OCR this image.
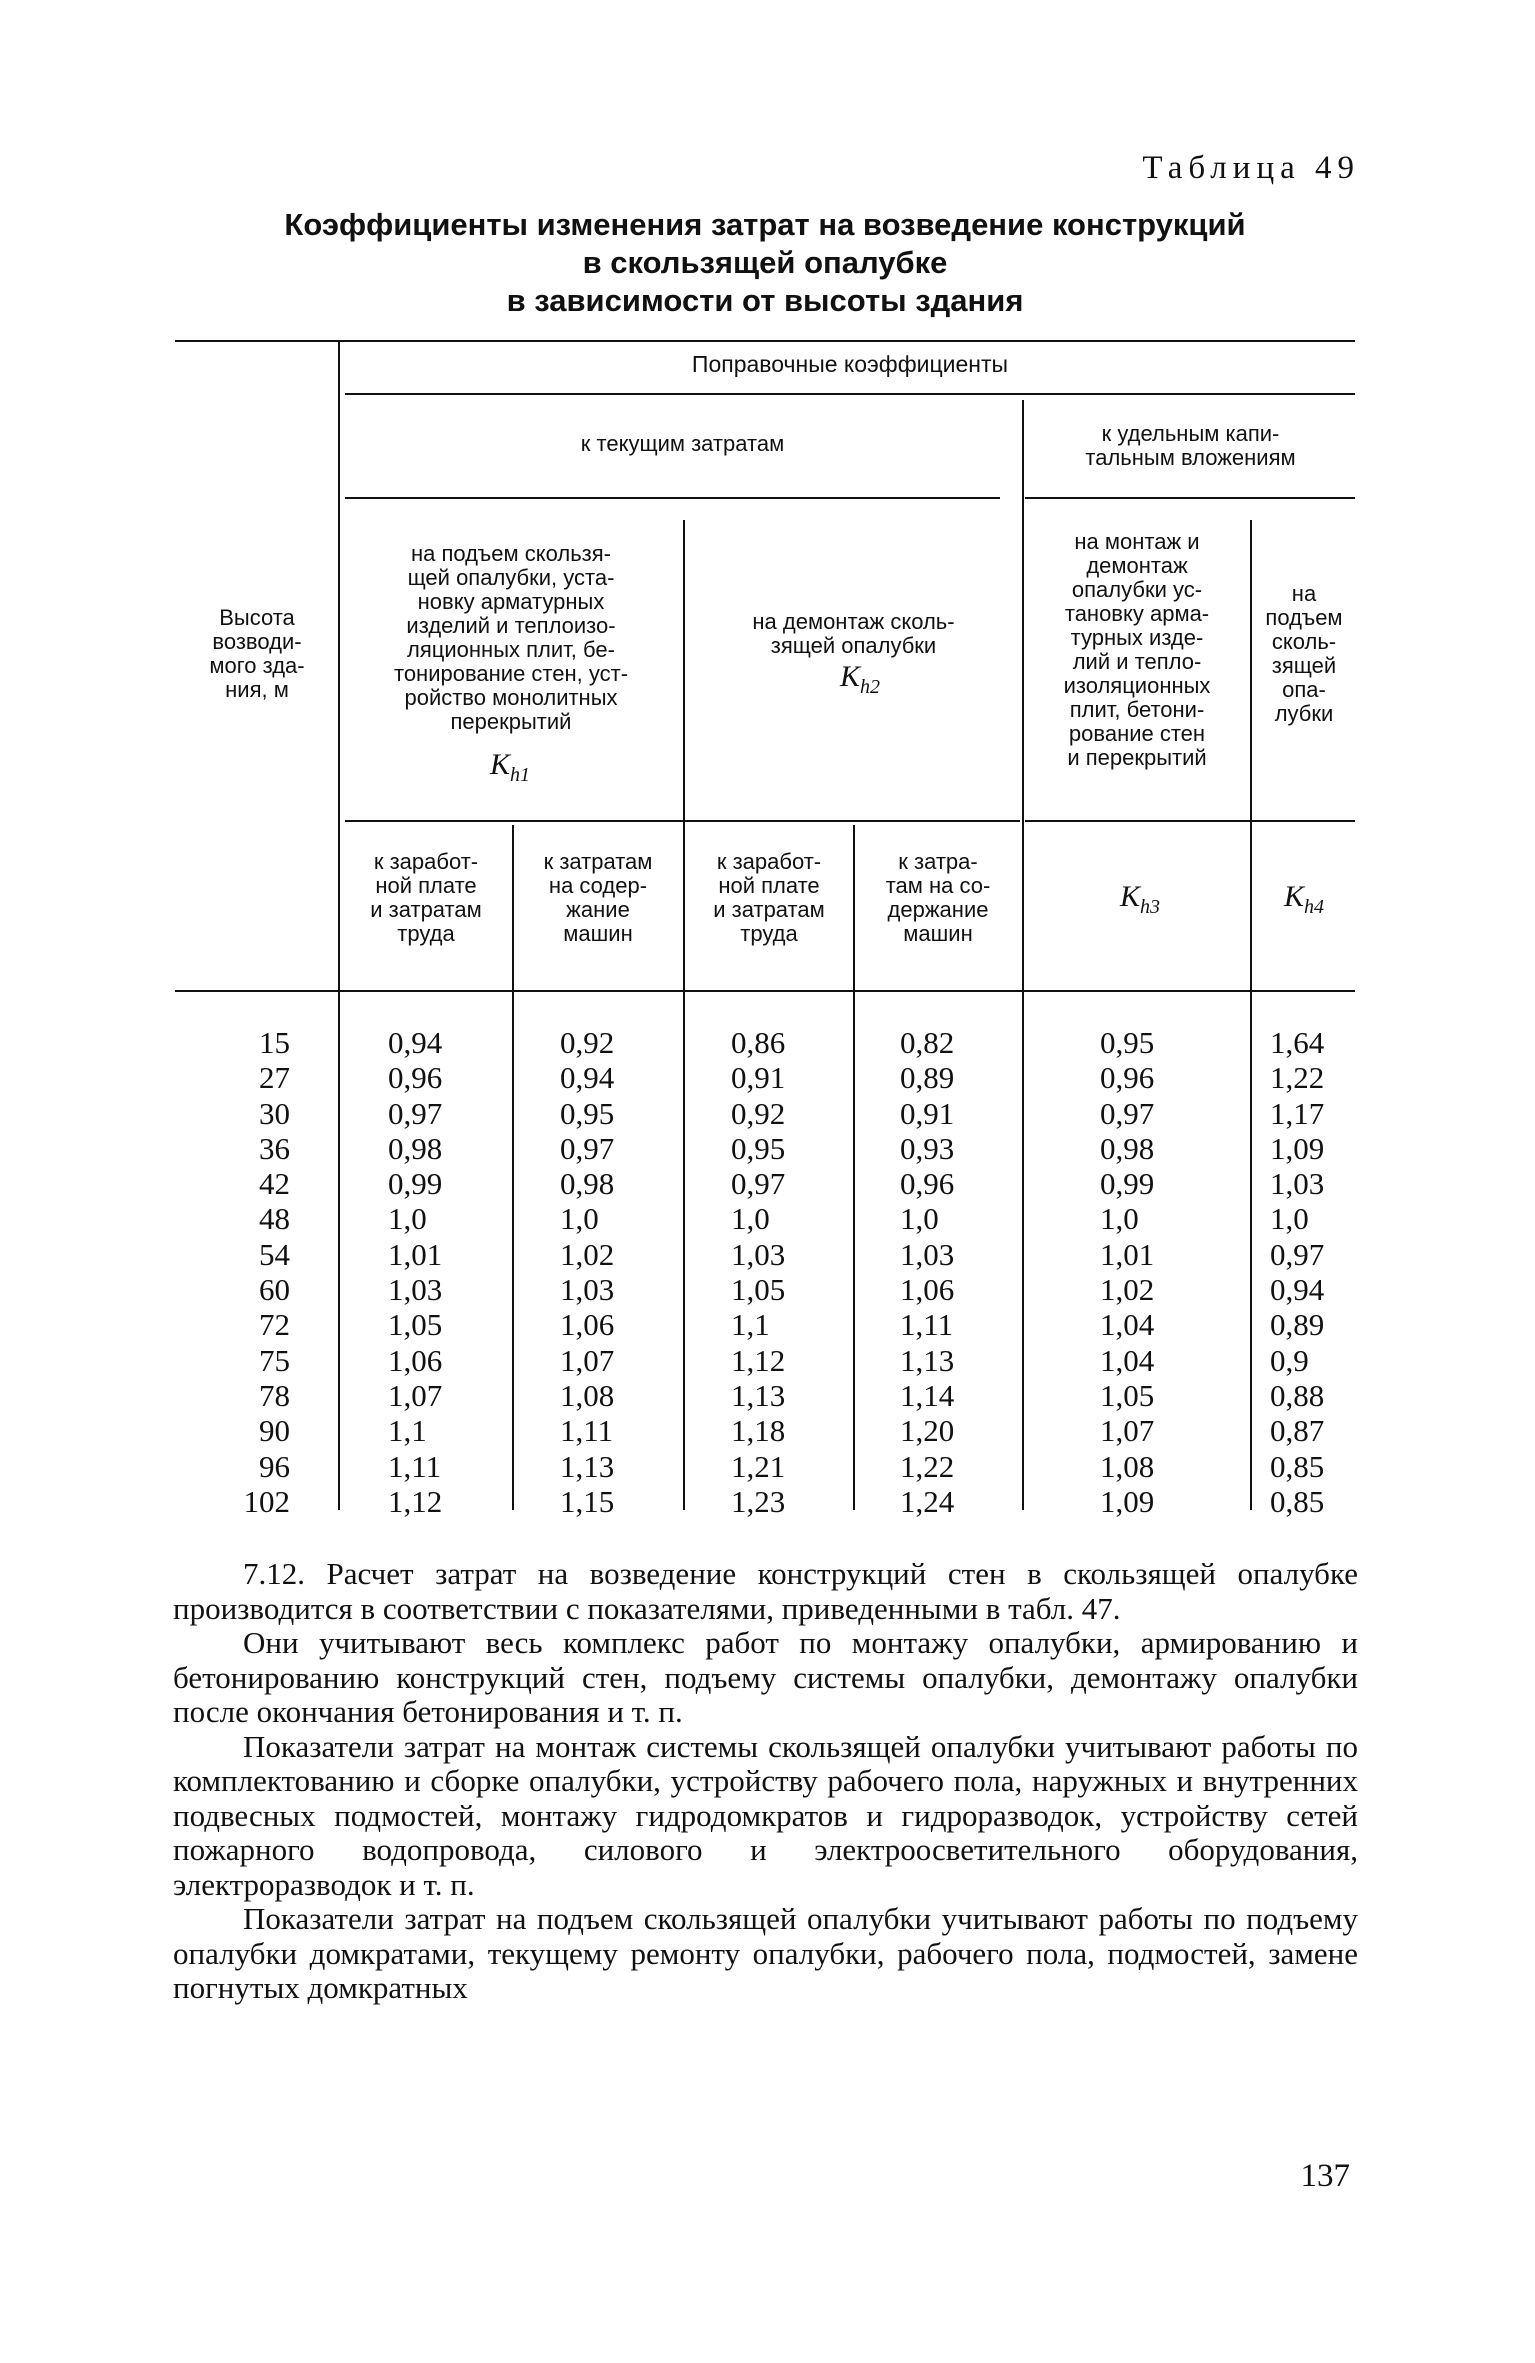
Таблица 49
Коэффициенты изменения затрат на возведение конструкций
в скользящей опалубке
в зависимости от высоты здания
Высота
возводи-
мого зда-
ния, м
Поправочные коэффициенты
к текущим затратам	к удельным капи-
тальным вложениям
на подъем скользя-
щей опалубки, уста-
новку арматурных
изделий и теплоизо-
ляционных плит, бе-
тонирование стен, уст-
ройство монолитных
перекрытий
$K_{h1}$
на демонтаж сколь-
зящей опалубки
$K_{h2}$
на монтаж и
демонтаж
опалубки ус-
тановку арма-
турных изде-
лий и тепло-
изоляционных
плит, бетони-
рование стен
и перекрытий
на
подъем
сколь-
зящей
опа-
лубки
к заработ-
ной плате
и затратам
труда
к затратам
на содер-
жание
машин
к заработ-
ной плате
и затратам
труда
к затра-
там на со-
держание
машин
$K_{h3}$	$K_{h4}$
15
27
30
36
42
48
54
60
72
75
78
90
96
102
0,94
0,96
0,97
0,98
0,99
1,0
1,01
1,03
1,05
1,06
1,07
1,1
1,11
1,12
0,92
0,94
0,95
0,97
0,98
1,0
1,02
1,03
1,06
1,07
1,08
1,11
1,13
1,15
0,86
0,91
0,92
0,95
0,97
1,0
1,03
1,05
1,1
1,12
1,13
1,18
1,21
1,23
0,82
0,89
0,91
0,93
0,96
1,0
1,03
1,06
1,11
1,13
1,14
1,20
1,22
1,24
0,95
0,96
0,97
0,98
0,99
1,0
1,01
1,02
1,04
1,04
1,05
1,07
1,08
1,09
1,64
1,22
1,17
1,09
1,03
1,0
0,97
0,94
0,89
0,9
0,88
0,87
0,85
0,85

7.12. Расчет затрат на возведение конструкций стен в скользящей опалубке производится в соответствии с показателями, приведенными в табл. 47.

Они учитывают весь комплекс работ по монтажу опалубки, армированию и бетонированию конструкций стен, подъему системы опалубки, демонтажу опалубки после окончания бетонирования и т. п.

Показатели затрат на монтаж системы скользящей опалубки учитывают работы по комплектованию и сборке опалубки, устройству рабочего пола, наружных и внутренних подвесных подмостей, монтажу гидродомкратов и гидроразводок, устройству сетей пожарного водопровода, силового и электроосветительного оборудования, электроразводок и т. п.

Показатели затрат на подъем скользящей опалубки учитывают работы по подъему опалубки домкратами, текущему ремонту опалубки, рабочего пола, подмостей, замене погнутых домкратных

137
